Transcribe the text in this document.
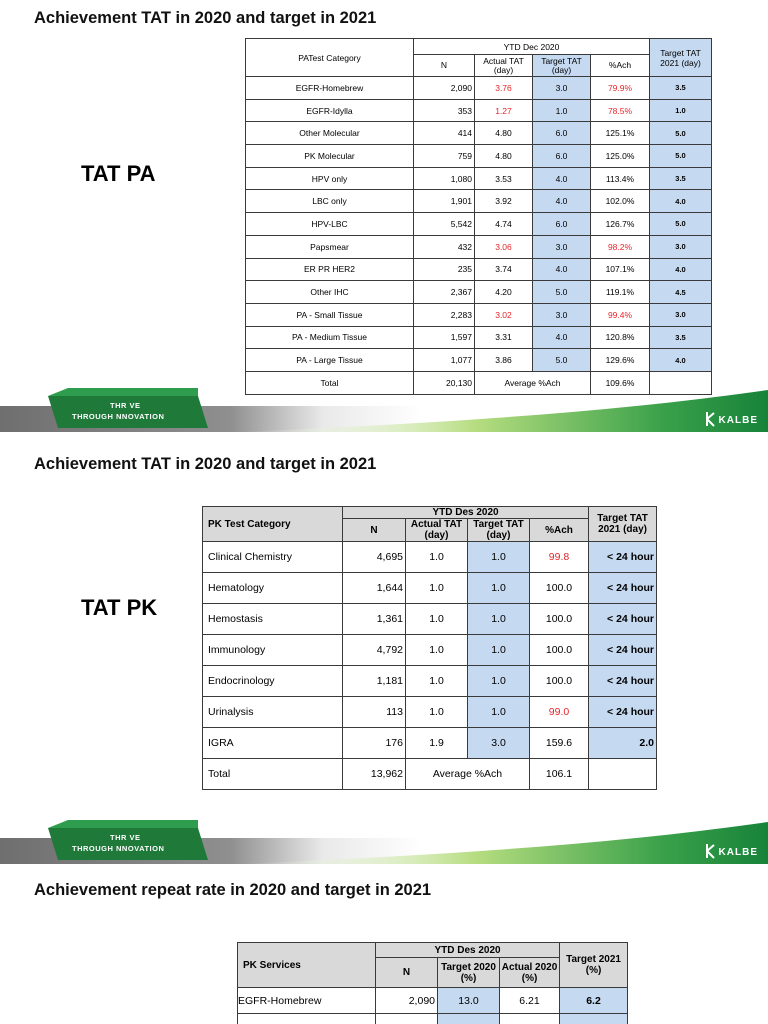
Achievement TAT in 2020 and target in 2021
TAT PA
PATest Category	YTD Dec 2020				Target TAT 2021 (day)
	N	Actual TAT (day)	Target TAT (day)	%Ach	
EGFR-Homebrew	2,090	3.76	3.0	79.9%	3.5
EGFR-Idylla	353	1.27	1.0	78.5%	1.0
Other Molecular	414	4.80	6.0	125.1%	5.0
PK Molecular	759	4.80	6.0	125.0%	5.0
HPV only	1,080	3.53	4.0	113.4%	3.5
LBC only	1,901	3.92	4.0	102.0%	4.0
HPV-LBC	5,542	4.74	6.0	126.7%	5.0
Papsmear	432	3.06	3.0	98.2%	3.0
ER PR HER2	235	3.74	4.0	107.1%	4.0
Other IHC	2,367	4.20	5.0	119.1%	4.5
PA - Small Tissue	2,283	3.02	3.0	99.4%	3.0
PA - Medium Tissue	1,597	3.31	4.0	120.8%	3.5
PA - Large Tissue	1,077	3.86	5.0	129.6%	4.0
Total	20,130	Average %Ach		109.6%	
THR VE
THROUGH NNOVATION	KALBE
Achievement TAT in 2020 and target in 2021
TAT PK
PK Test Category	YTD Des 2020				Target TAT 2021 (day)
	N	Actual TAT (day)	Target TAT (day)	%Ach	
Clinical Chemistry	4,695	1.0	1.0	99.8	< 24 hour
Hematology	1,644	1.0	1.0	100.0	< 24 hour
Hemostasis	1,361	1.0	1.0	100.0	< 24 hour
Immunology	4,792	1.0	1.0	100.0	< 24 hour
Endocrinology	1,181	1.0	1.0	100.0	< 24 hour
Urinalysis	113	1.0	1.0	99.0	< 24 hour
IGRA	176	1.9	3.0	159.6	2.0
Total	13,962	Average %Ach		106.1	
THR VE
THROUGH NNOVATION	KALBE
Achievement repeat rate in 2020 and target in 2021
PK Services	YTD Des 2020			Target 2021 (%)
	N	Target 2020 (%)	Actual 2020 (%)	
EGFR-Homebrew	2,090	13.0	6.21	6.2
